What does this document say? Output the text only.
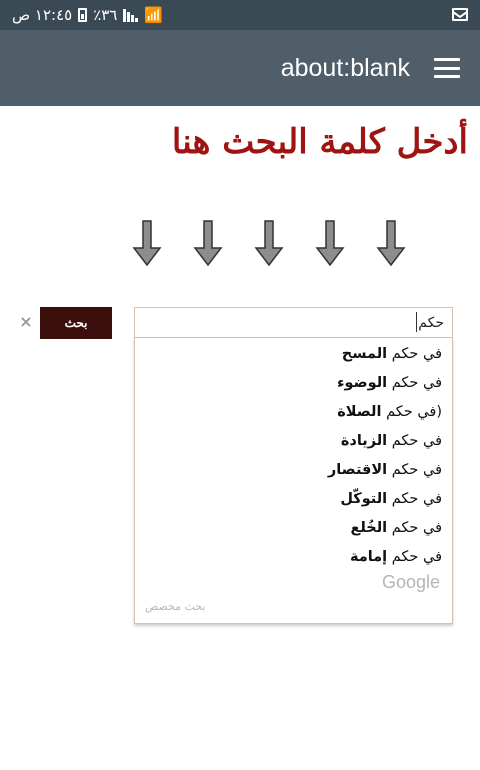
📶
٣٦٪
١٢:٤٥ ص
about:blank
أدخل كلمة البحث هنا
×	بحث
حكم
في حكم المسح
في حكم الوضوء
(في حكم الصلاة
في حكم الزيادة
في حكم الاقتصار
في حكم التوكّل
في حكم الخُلع
في حكم إمامة
Google
بحث مخصص
